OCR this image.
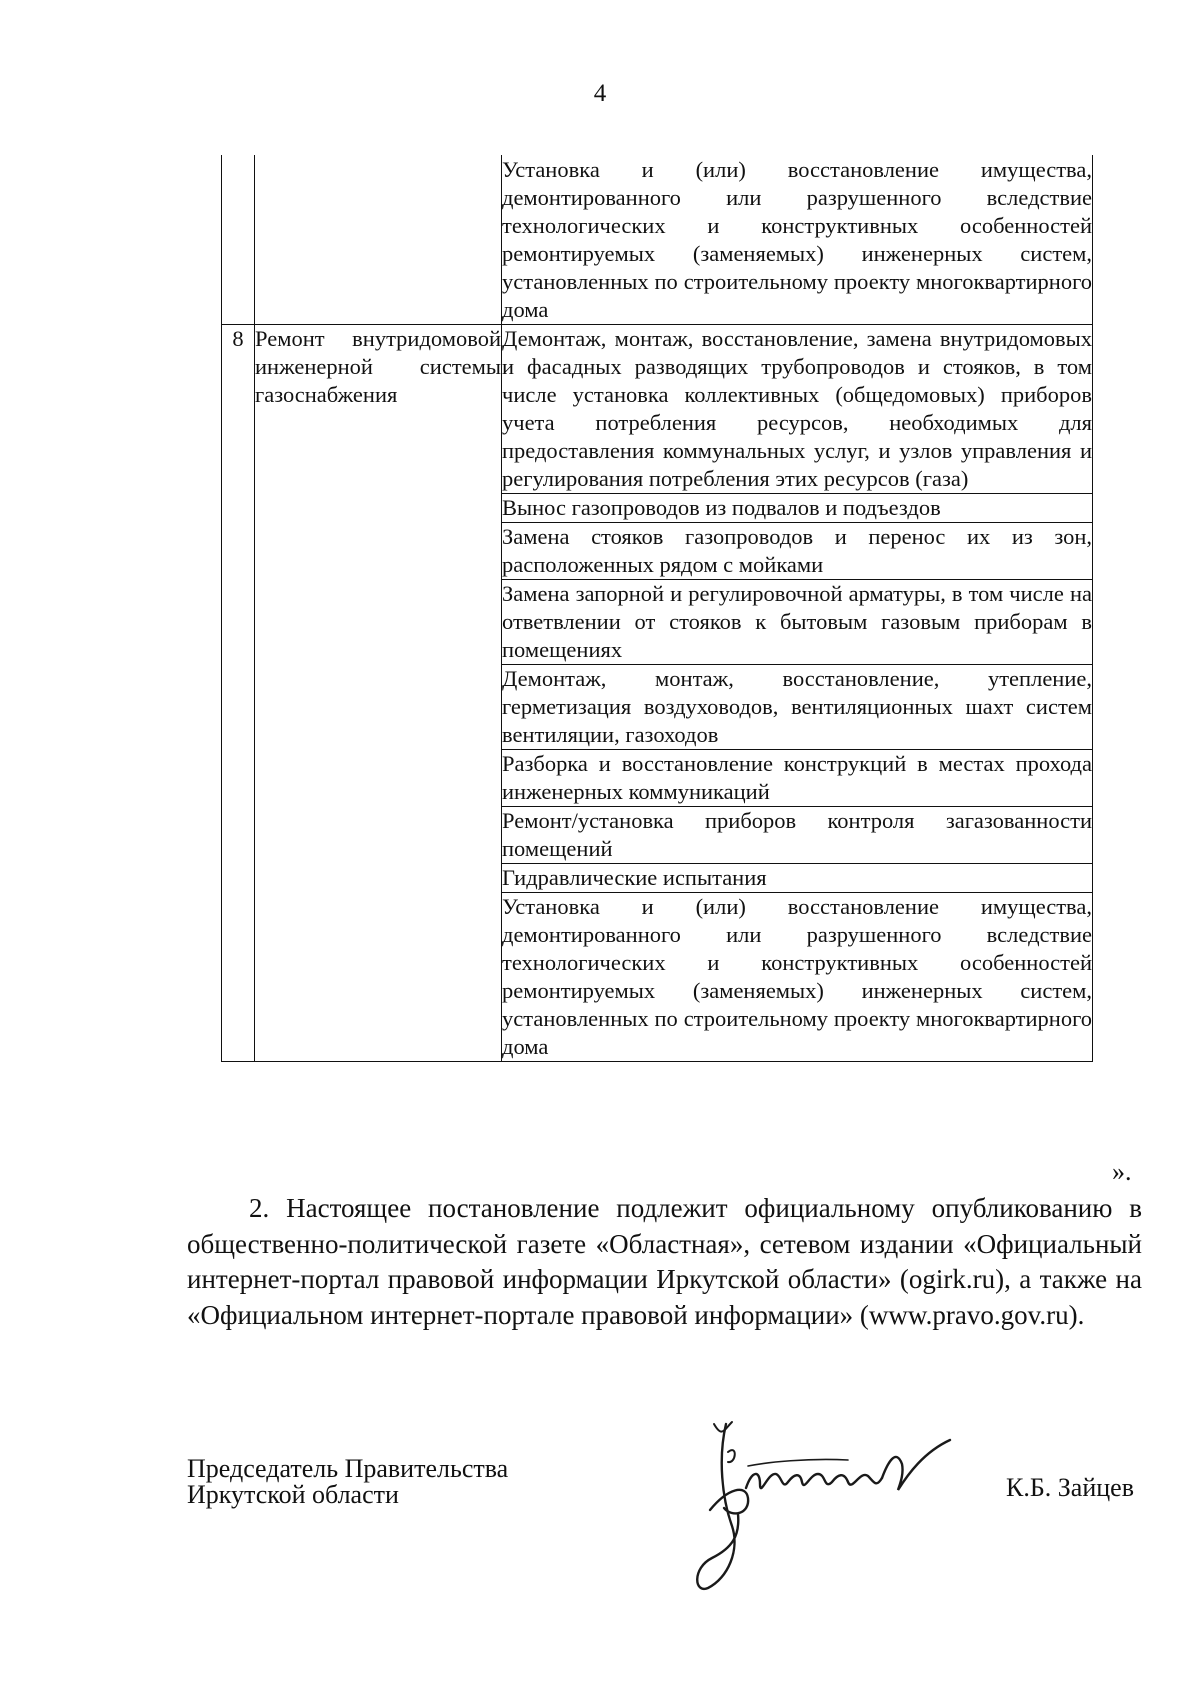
4
		Установка и (или) восстановление имущества, демонтированного или разрушенного вследствие технологических и конструктивных особенностей ремонтируемых (заменяемых) инженерных систем, установленных по строительному проекту многоквартирного дома
8	Ремонт внутридомовой инженерной системы газоснабжения	Демонтаж, монтаж, восстановление, замена внутридомовых и фасадных разводящих трубопроводов и стояков, в том числе установка коллективных (общедомовых) приборов учета потребления ресурсов, необходимых для предоставления коммунальных услуг, и узлов управления и регулирования потребления этих ресурсов (газа)
		Вынос газопроводов из подвалов и подъездов
		Замена стояков газопроводов и перенос их из зон, расположенных рядом с мойками
		Замена запорной и регулировочной арматуры, в том числе на ответвлении от стояков к бытовым газовым приборам в помещениях
		Демонтаж, монтаж, восстановление, утепление, герметизация воздуховодов, вентиляционных шахт систем вентиляции, газоходов
		Разборка и восстановление конструкций в местах прохода инженерных коммуникаций
		Ремонт/установка приборов контроля загазованности помещений
		Гидравлические испытания
		Установка и (или) восстановление имущества, демонтированного или разрушенного вследствие технологических и конструктивных особенностей ремонтируемых (заменяемых) инженерных систем, установленных по строительному проекту многоквартирного дома
».
2. Настоящее постановление подлежит официальному опубликованию в общественно-политической газете «Областная», сетевом издании «Официальный интернет-портал правовой информации Иркутской области» (ogirk.ru), а также на «Официальном интернет-портале правовой информации» (www.pravo.gov.ru).
Председатель Правительства
Иркутской области	К.Б. Зайцев
